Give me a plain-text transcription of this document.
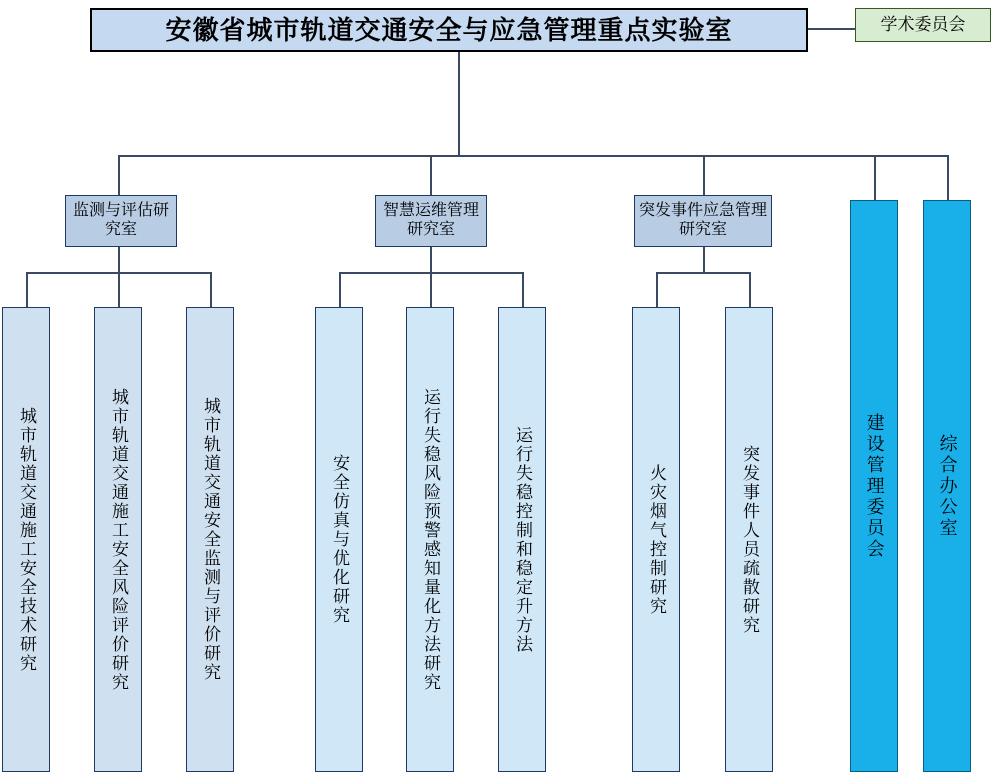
安徽省城市轨道交通安全与应急管理重点实验室	学术委员会
监测与评估研究室
智慧运维管理研究室
突发事件应急管理研究室
城市轨道交通施工安全技术研究	城市轨道交通施工安全风险评价研究	城市轨道交通安全监测与评价研究	安全仿真与优化研究	运行失稳风险预警感知量化方法研究	运行失稳控制和稳定升方法	火灾烟气控制研究	突发事件人员疏散研究	建设管理委员会	综合办公室
